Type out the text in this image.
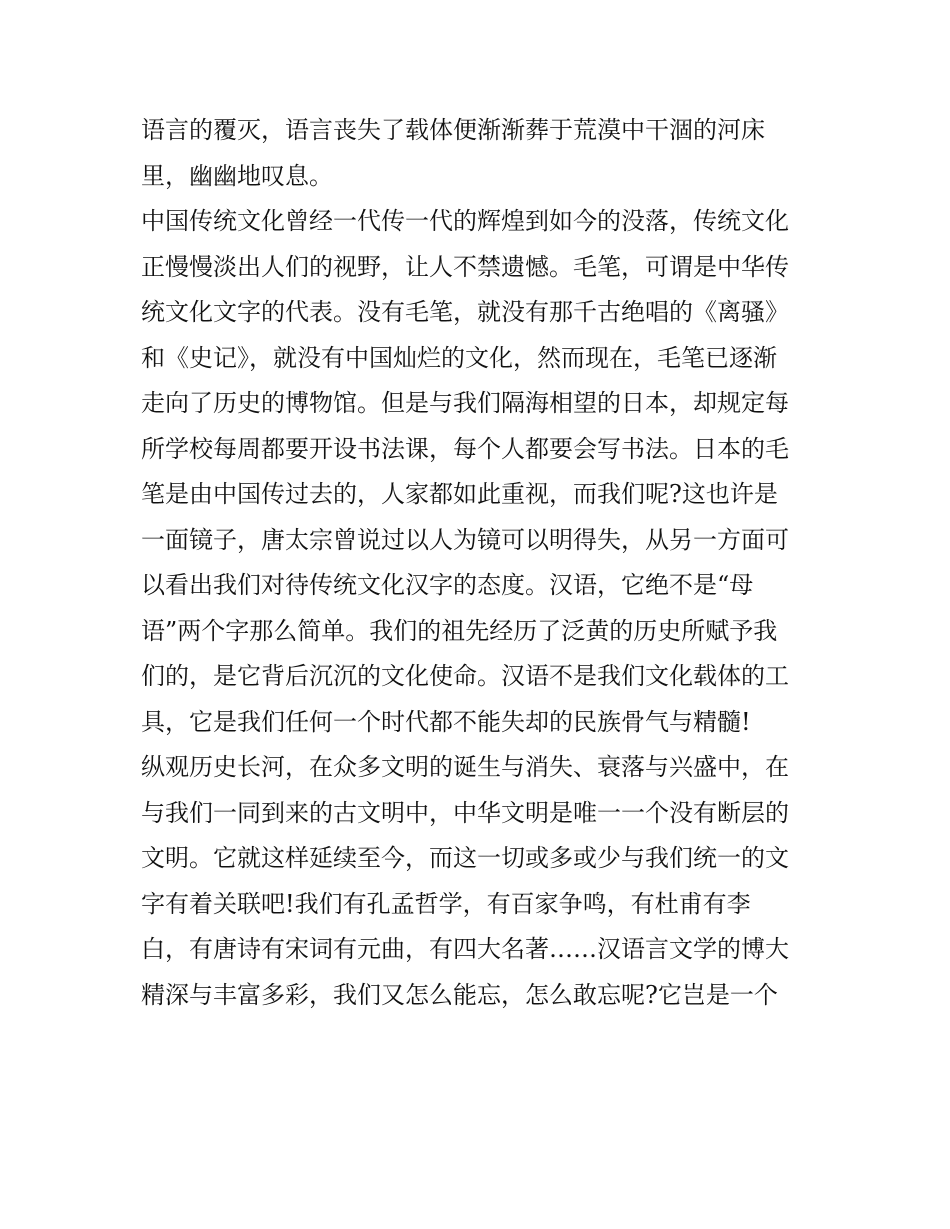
语言的覆灭，语言丧失了载体便渐渐葬于荒漠中干涸的河床
里，幽幽地叹息。
中国传统文化曾经一代传一代的辉煌到如今的没落，传统文化
正慢慢淡出人们的视野，让人不禁遗憾。毛笔，可谓是中华传
统文化文字的代表。没有毛笔，就没有那千古绝唱的《离骚》
和《史记》，就没有中国灿烂的文化，然而现在，毛笔已逐渐
走向了历史的博物馆。但是与我们隔海相望的日本，却规定每
所学校每周都要开设书法课，每个人都要会写书法。日本的毛
笔是由中国传过去的，人家都如此重视，而我们呢?这也许是
一面镜子，唐太宗曾说过以人为镜可以明得失，从另一方面可
以看出我们对待传统文化汉字的态度。汉语，它绝不是“母
语”两个字那么简单。我们的祖先经历了泛黄的历史所赋予我
们的，是它背后沉沉的文化使命。汉语不是我们文化载体的工
具，它是我们任何一个时代都不能失却的民族骨气与精髓!
纵观历史长河，在众多文明的诞生与消失、衰落与兴盛中，在
与我们一同到来的古文明中，中华文明是唯一一个没有断层的
文明。它就这样延续至今，而这一切或多或少与我们统一的文
字有着关联吧!我们有孔孟哲学，有百家争鸣，有杜甫有李
白，有唐诗有宋词有元曲，有四大名著……汉语言文学的博大
精深与丰富多彩，我们又怎么能忘，怎么敢忘呢?它岂是一个
